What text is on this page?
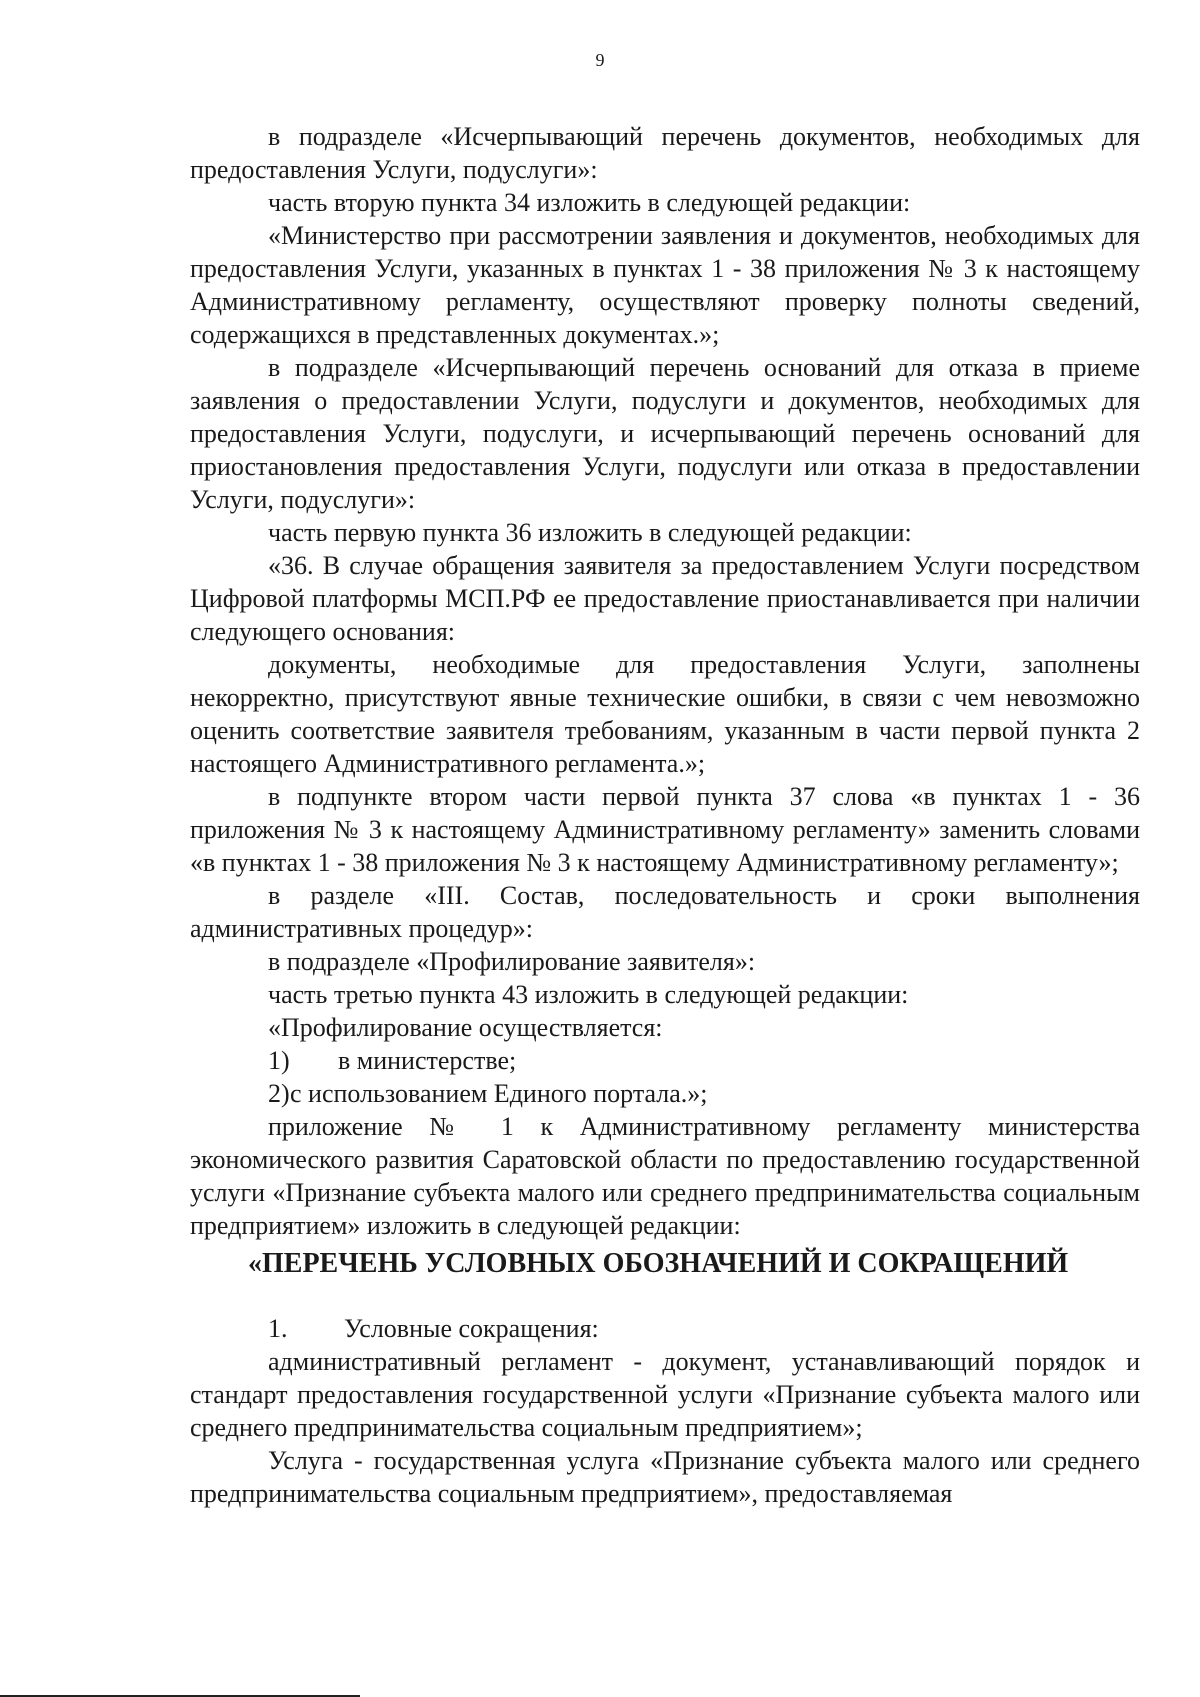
9

в подразделе «Исчерпывающий перечень документов, необходимых для предоставления Услуги, подуслуги»:

часть вторую пункта 34 изложить в следующей редакции:

«Министерство при рассмотрении заявления и документов, необходимых для предоставления Услуги, указанных в пунктах 1 - 38 приложения № 3 к настоящему Административному регламенту, осуществляют проверку полноты сведений, содержащихся в представленных документах.»;

в подразделе «Исчерпывающий перечень оснований для отказа в приеме заявления о предоставлении Услуги, подуслуги и документов, необходимых для предоставления Услуги, подуслуги, и исчерпывающий перечень оснований для приостановления предоставления Услуги, подуслуги или отказа в предоставлении Услуги, подуслуги»:

часть первую пункта 36 изложить в следующей редакции:

«36. В случае обращения заявителя за предоставлением Услуги посредством Цифровой платформы МСП.РФ ее предоставление приостанавливается при наличии следующего основания:

документы, необходимые для предоставления Услуги, заполнены некорректно, присутствуют явные технические ошибки, в связи с чем невозможно оценить соответствие заявителя требованиям, указанным в части первой пункта 2 настоящего Административного регламента.»;

в подпункте втором части первой пункта 37 слова «в пунктах 1 - 36 приложения № 3 к настоящему Административному регламенту» заменить словами «в пунктах 1 - 38 приложения № 3 к настоящему Административному регламенту»;

в разделе «III. Состав, последовательность и сроки выполнения административных процедур»:

в подразделе «Профилирование заявителя»:

часть третью пункта 43 изложить в следующей редакции:

«Профилирование осуществляется:

1) в министерстве;

2)с использованием Единого портала.»;

приложение № 1 к Административному регламенту министерства экономического развития Саратовской области по предоставлению государственной услуги «Признание субъекта малого или среднего предпринимательства социальным предприятием» изложить в следующей редакции:

«ПЕРЕЧЕНЬ УСЛОВНЫХ ОБОЗНАЧЕНИЙ И СОКРАЩЕНИЙ

1. Условные сокращения:

административный регламент - документ, устанавливающий порядок и стандарт предоставления государственной услуги «Признание субъекта малого или среднего предпринимательства социальным предприятием»;

Услуга - государственная услуга «Признание субъекта малого или среднего предпринимательства социальным предприятием», предоставляемая
